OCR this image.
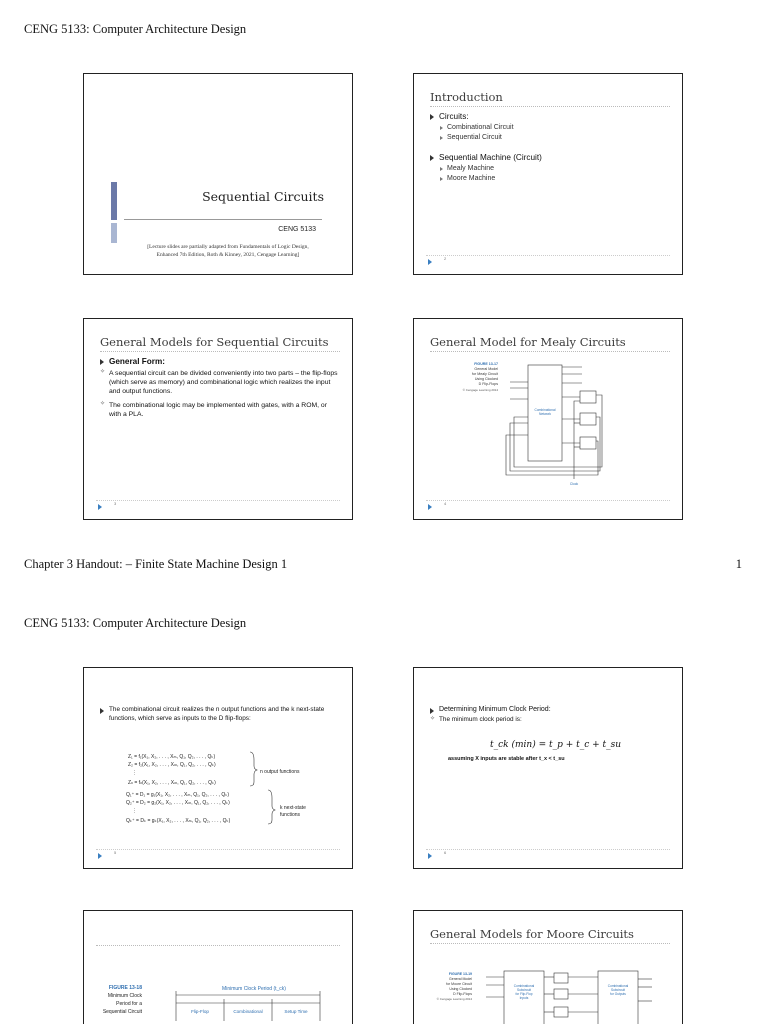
CENG 5133: Computer Architecture Design
Sequential Circuits
CENG 5133
[Lecture slides are partially adapted from Fundamentals of Logic Design,
Enhanced 7th Edition, Roth & Kinney, 2021, Cengage Learning]
Introduction
Circuits:
Combinational Circuit
Sequential Circuit
Sequential Machine (Circuit)
Mealy Machine
Moore Machine
2
General Models for Sequential Circuits
General Form:
✧ A sequential circuit can be divided conveniently into two parts – the flip-flops (which serve as memory) and combinational logic which realizes the input and output functions.
✧ The combinational logic may be implemented with gates, with a ROM, or with a PLA.
3
General Model for Mealy Circuits
FIGURE 13-17
General Model
for Mealy Circuit
Using Clocked
D Flip-Flops
© Cengage Learning 2014
Combinational
Network
Clock
4
Chapter 3 Handout: – Finite State Machine Design 1	1
CENG 5133: Computer Architecture Design
The combinational circuit realizes the n output functions and the k next-state functions, which serve as inputs to the D flip-flops:
Z₁ = f₁(X₁, X₂, . . . , Xₘ, Q₁, Q₂, . . . , Qₖ)
Z₂ = f₂(X₁, X₂, . . . , Xₘ, Q₁, Q₂, . . . , Qₖ)
⋮
Zₙ = fₙ(X₁, X₂, . . . , Xₘ, Q₁, Q₂, . . . , Qₖ)
Q₁⁺ = D₁ = g₁(X₁, X₂, . . . , Xₘ, Q₁, Q₂, . . . , Qₖ)
Q₂⁺ = D₂ = g₂(X₁, X₂, . . . , Xₘ, Q₁, Q₂, . . . , Qₖ)
⋮
Qₖ⁺ = Dₖ = gₖ(X₁, X₂, . . . , Xₘ, Q₁, Q₂, . . . , Qₖ)
n output functions
k next-state
functions
5
Determining Minimum Clock Period:
✧ The minimum clock period is:
t_ck (min) = t_p + t_c + t_su
assuming X inputs are stable after t_x < t_su
6
FIGURE 13-18
Minimum Clock
Period for a
Sequential Circuit
Minimum Clock Period (t_ck)
Flip-Flop	Combinational	Setup Time
General Models for Moore Circuits
FIGURE 13-19
General Model
for Moore Circuit
Using Clocked
D Flip-Flops
© Cengage Learning 2014
Combinational
Subcircuit
for Flip-Flop
Inputs
Combinational
Subcircuit
for Outputs
